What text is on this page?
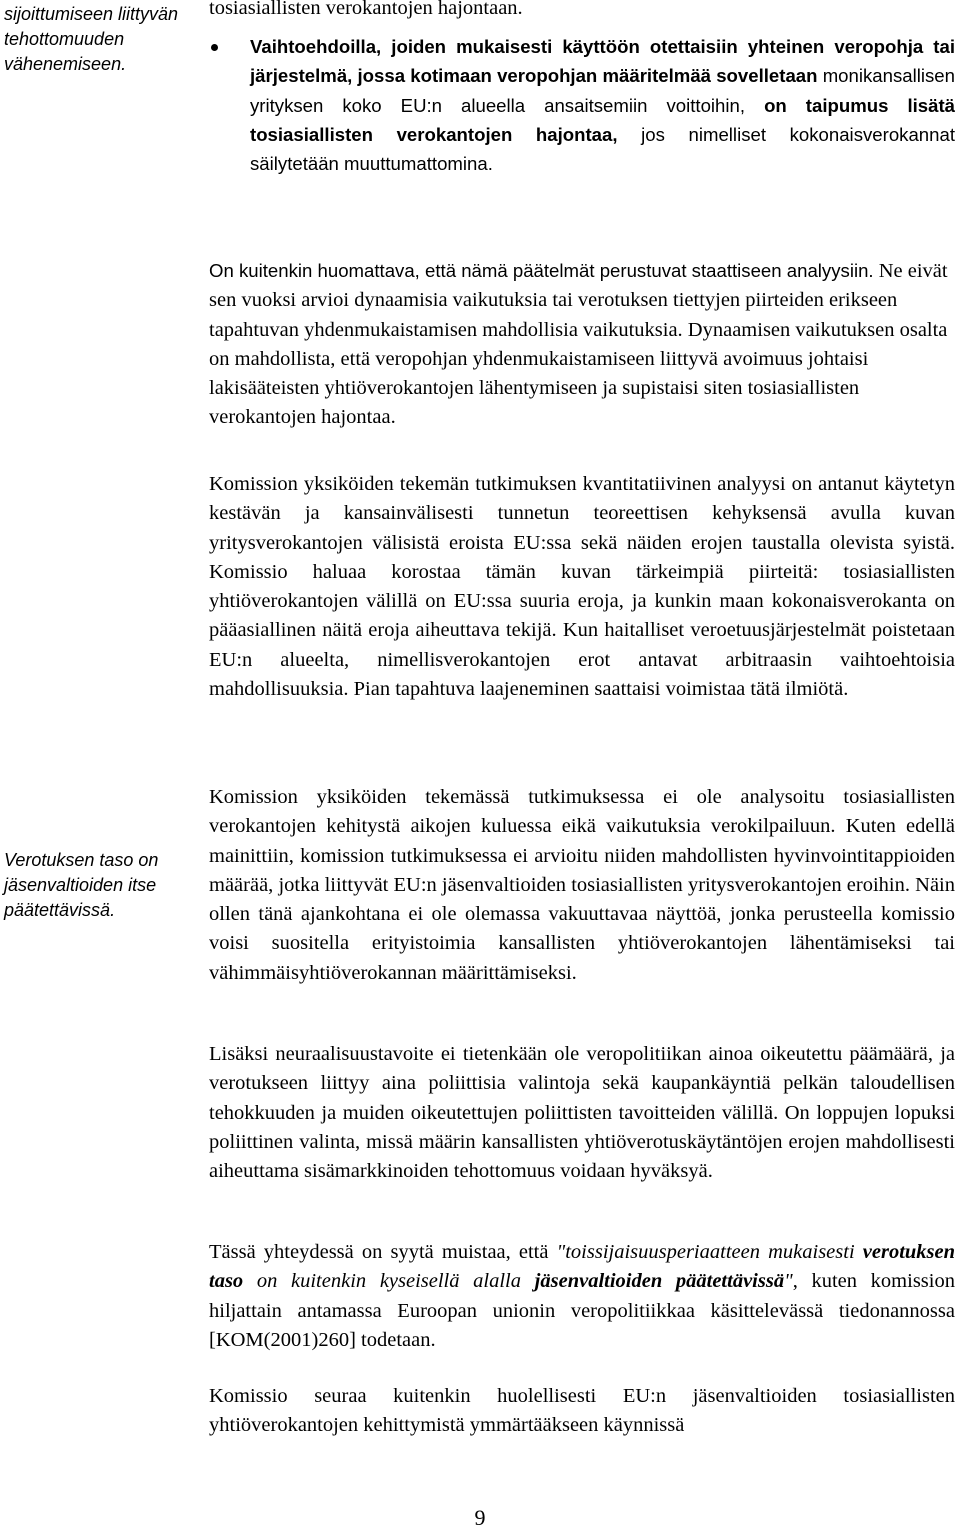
sijoittumiseen liittyvän tehottomuuden vähenemiseen.
Verotuksen taso on jäsenvaltioiden itse päätettävissä.

tosiasiallisten verokantojen hajontaan.

Vaihtoehdoilla, joiden mukaisesti käyttöön otettaisiin yhteinen veropohja tai järjestelmä, jossa kotimaan veropohjan määritelmää sovelletaan monikansallisen yrityksen koko EU:n alueella ansaitsemiin voittoihin, on taipumus lisätä tosiasiallisten verokantojen hajontaa, jos nimelliset kokonaisverokannat säilytetään muuttumattomina.

On kuitenkin huomattava, että nämä päätelmät perustuvat staattiseen analyysiin. Ne eivät sen vuoksi arvioi dynaamisia vaikutuksia tai verotuksen tiettyjen piirteiden erikseen tapahtuvan yhdenmukaistamisen mahdollisia vaikutuksia. Dynaamisen vaikutuksen osalta on mahdollista, että veropohjan yhdenmukaistamiseen liittyvä avoimuus johtaisi lakisääteisten yhtiöverokantojen lähentymiseen ja supistaisi siten tosiasiallisten verokantojen hajontaa.

Komission yksiköiden tekemän tutkimuksen kvantitatiivinen analyysi on antanut käytetyn kestävän ja kansainvälisesti tunnetun teoreettisen kehyksensä avulla kuvan yritysverokantojen välisistä eroista EU:ssa sekä näiden erojen taustalla olevista syistä. Komissio haluaa korostaa tämän kuvan tärkeimpiä piirteitä: tosiasiallisten yhtiöverokantojen välillä on EU:ssa suuria eroja, ja kunkin maan kokonaisverokanta on pääasiallinen näitä eroja aiheuttava tekijä. Kun haitalliset veroetuusjärjestelmät poistetaan EU:n alueelta, nimellisverokantojen erot antavat arbitraasin vaihtoehtoisia mahdollisuuksia. Pian tapahtuva laajeneminen saattaisi voimistaa tätä ilmiötä.

Komission yksiköiden tekemässä tutkimuksessa ei ole analysoitu tosiasiallisten verokantojen kehitystä aikojen kuluessa eikä vaikutuksia verokilpailuun. Kuten edellä mainittiin, komission tutkimuksessa ei arvioitu niiden mahdollisten hyvinvointitappioiden määrää, jotka liittyvät EU:n jäsenvaltioiden tosiasiallisten yritysverokantojen eroihin. Näin ollen tänä ajankohtana ei ole olemassa vakuuttavaa näyttöä, jonka perusteella komissio voisi suositella erityistoimia kansallisten yhtiöverokantojen lähentämiseksi tai vähimmäisyhtiöverokannan määrittämiseksi.

Lisäksi neuraalisuustavoite ei tietenkään ole veropolitiikan ainoa oikeutettu päämäärä, ja verotukseen liittyy aina poliittisia valintoja sekä kaupankäyntiä pelkän taloudellisen tehokkuuden ja muiden oikeutettujen poliittisten tavoitteiden välillä. On loppujen lopuksi poliittinen valinta, missä määrin kansallisten yhtiöverotuskäytäntöjen erojen mahdollisesti aiheuttama sisämarkkinoiden tehottomuus voidaan hyväksyä.

Tässä yhteydessä on syytä muistaa, että "toissijaisuusperiaatteen mukaisesti verotuksen taso on kuitenkin kyseisellä alalla jäsenvaltioiden päätettävissä", kuten komission hiljattain antamassa Euroopan unionin veropolitiikkaa käsittelevässä tiedonannossa [KOM(2001)260] todetaan.

Komissio seuraa kuitenkin huolellisesti EU:n jäsenvaltioiden tosiasiallisten yhtiöverokantojen kehittymistä ymmärtääkseen käynnissä

9
